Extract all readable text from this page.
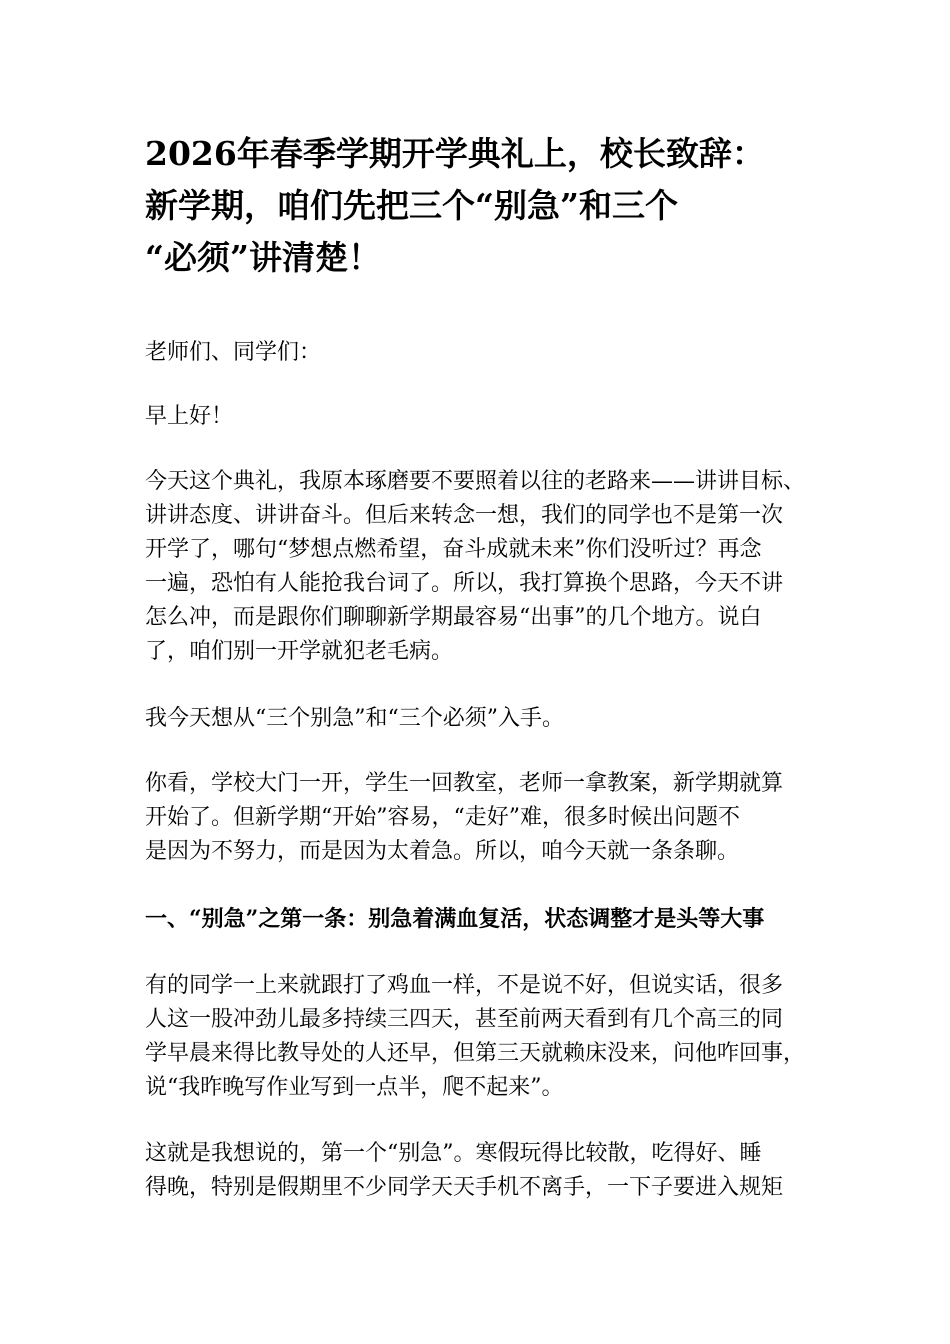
2026年春季学期开学典礼上，校长致辞：
新学期，咱们先把三个“别急”和三个
“必须”讲清楚！

老师们、同学们：

早上好！

今天这个典礼，我原本琢磨要不要照着以往的老路来——讲讲目标、
讲讲态度、讲讲奋斗。但后来转念一想，我们的同学也不是第一次
开学了，哪句“梦想点燃希望，奋斗成就未来”你们没听过？再念
一遍，恐怕有人能抢我台词了。所以，我打算换个思路，今天不讲
怎么冲，而是跟你们聊聊新学期最容易“出事”的几个地方。说白
了，咱们别一开学就犯老毛病。

我今天想从“三个别急”和“三个必须”入手。

你看，学校大门一开，学生一回教室，老师一拿教案，新学期就算
开始了。但新学期“开始”容易，“走好”难，很多时候出问题不
是因为不努力，而是因为太着急。所以，咱今天就一条条聊。

一、“别急”之第一条：别急着满血复活，状态调整才是头等大事

有的同学一上来就跟打了鸡血一样，不是说不好，但说实话，很多
人这一股冲劲儿最多持续三四天，甚至前两天看到有几个高三的同
学早晨来得比教导处的人还早，但第三天就赖床没来，问他咋回事，
说“我昨晚写作业写到一点半，爬不起来”。

这就是我想说的，第一个“别急”。寒假玩得比较散，吃得好、睡
得晚，特别是假期里不少同学天天手机不离手，一下子要进入规矩
